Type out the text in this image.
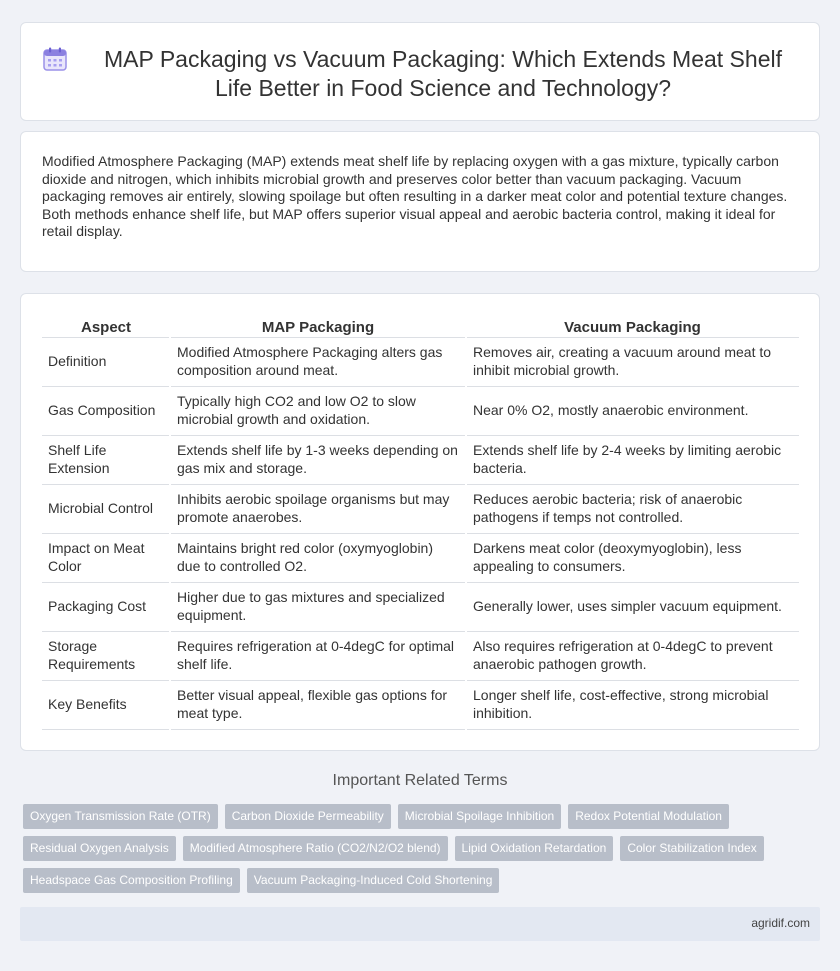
MAP Packaging vs Vacuum Packaging: Which Extends Meat Shelf Life Better in Food Science and Technology?

Modified Atmosphere Packaging (MAP) extends meat shelf life by replacing oxygen with a gas mixture, typically carbon dioxide and nitrogen, which inhibits microbial growth and preserves color better than vacuum packaging. Vacuum packaging removes air entirely, slowing spoilage but often resulting in a darker meat color and potential texture changes. Both methods enhance shelf life, but MAP offers superior visual appeal and aerobic bacteria control, making it ideal for retail display.

Aspect	MAP Packaging	Vacuum Packaging
Definition	Modified Atmosphere Packaging alters gas composition around meat.	Removes air, creating a vacuum around meat to inhibit microbial growth.
Gas Composition	Typically high CO2 and low O2 to slow microbial growth and oxidation.	Near 0% O2, mostly anaerobic environment.
Shelf Life Extension	Extends shelf life by 1-3 weeks depending on gas mix and storage.	Extends shelf life by 2-4 weeks by limiting aerobic bacteria.
Microbial Control	Inhibits aerobic spoilage organisms but may promote anaerobes.	Reduces aerobic bacteria; risk of anaerobic pathogens if temps not controlled.
Impact on Meat Color	Maintains bright red color (oxymyoglobin) due to controlled O2.	Darkens meat color (deoxymyoglobin), less appealing to consumers.
Packaging Cost	Higher due to gas mixtures and specialized equipment.	Generally lower, uses simpler vacuum equipment.
Storage Requirements	Requires refrigeration at 0-4degC for optimal shelf life.	Also requires refrigeration at 0-4degC to prevent anaerobic pathogen growth.
Key Benefits	Better visual appeal, flexible gas options for meat type.	Longer shelf life, cost-effective, strong microbial inhibition.
Important Related Terms
Oxygen Transmission Rate (OTR)	Carbon Dioxide Permeability	Microbial Spoilage Inhibition	Redox Potential Modulation
Residual Oxygen Analysis	Modified Atmosphere Ratio (CO2/N2/O2 blend)	Lipid Oxidation Retardation	Color Stabilization Index
Headspace Gas Composition Profiling	Vacuum Packaging-Induced Cold Shortening
agridif.com
